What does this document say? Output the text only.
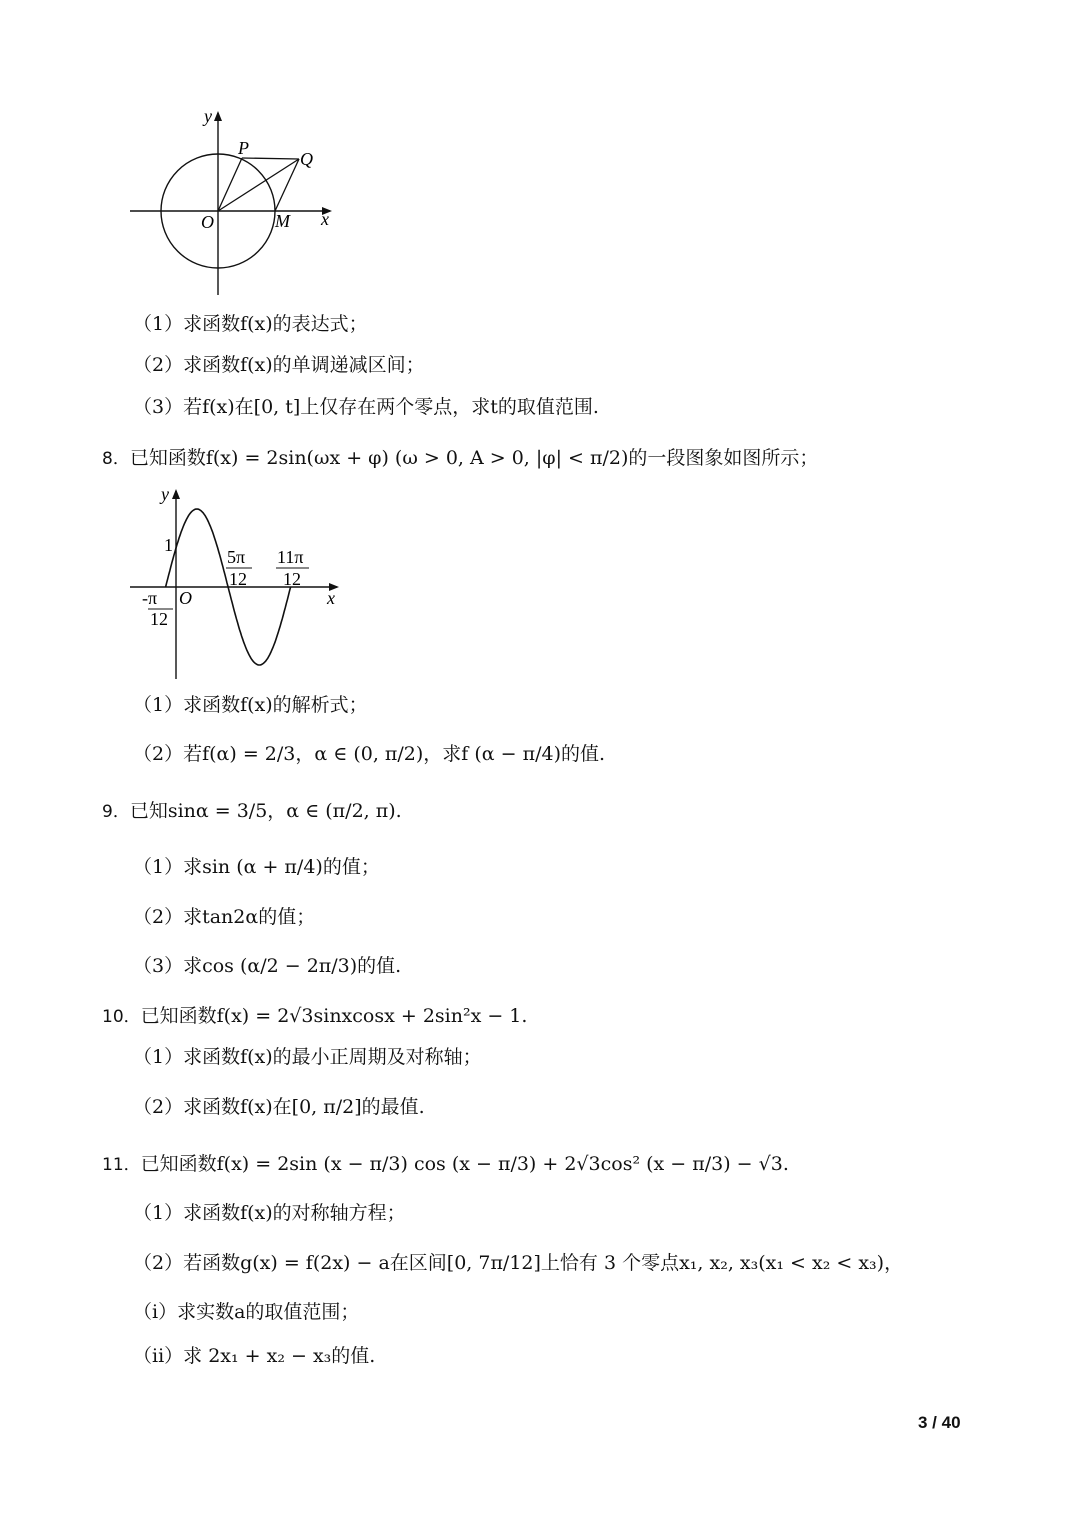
y
P
Q
O	M x
（1）求函数f(x)的表达式；
（2）求函数f(x)的单调递减区间；
（3）若f(x)在[0, t]上仅存在两个零点，求t的取值范围.
8．已知函数f(x) = 2sin(ωx + φ) (ω > 0, A > 0, |φ| < π/2)的一段图象如图所示；
y
1
5π
12
11π
12
-π
12
O	x
（1）求函数f(x)的解析式；
（2）若f(α) = 2/3，α ∈ (0, π/2)，求f (α − π/4)的值.
9．已知sinα = 3/5，α ∈ (π/2, π).
（1）求sin (α + π/4)的值；
（2）求tan2α的值；
（3）求cos (α/2 − 2π/3)的值.
10．已知函数f(x) = 2√3sinxcosx + 2sin²x − 1.
（1）求函数f(x)的最小正周期及对称轴；
（2）求函数f(x)在[0, π/2]的最值.
11．已知函数f(x) = 2sin (x − π/3) cos (x − π/3) + 2√3cos² (x − π/3) − √3.
（1）求函数f(x)的对称轴方程；
（2）若函数g(x) = f(2x) − a在区间[0, 7π/12]上恰有 3 个零点x₁, x₂, x₃(x₁ < x₂ < x₃)，
（i）求实数a的取值范围；
（ii）求 2x₁ + x₂ − x₃的值.
3 / 40
